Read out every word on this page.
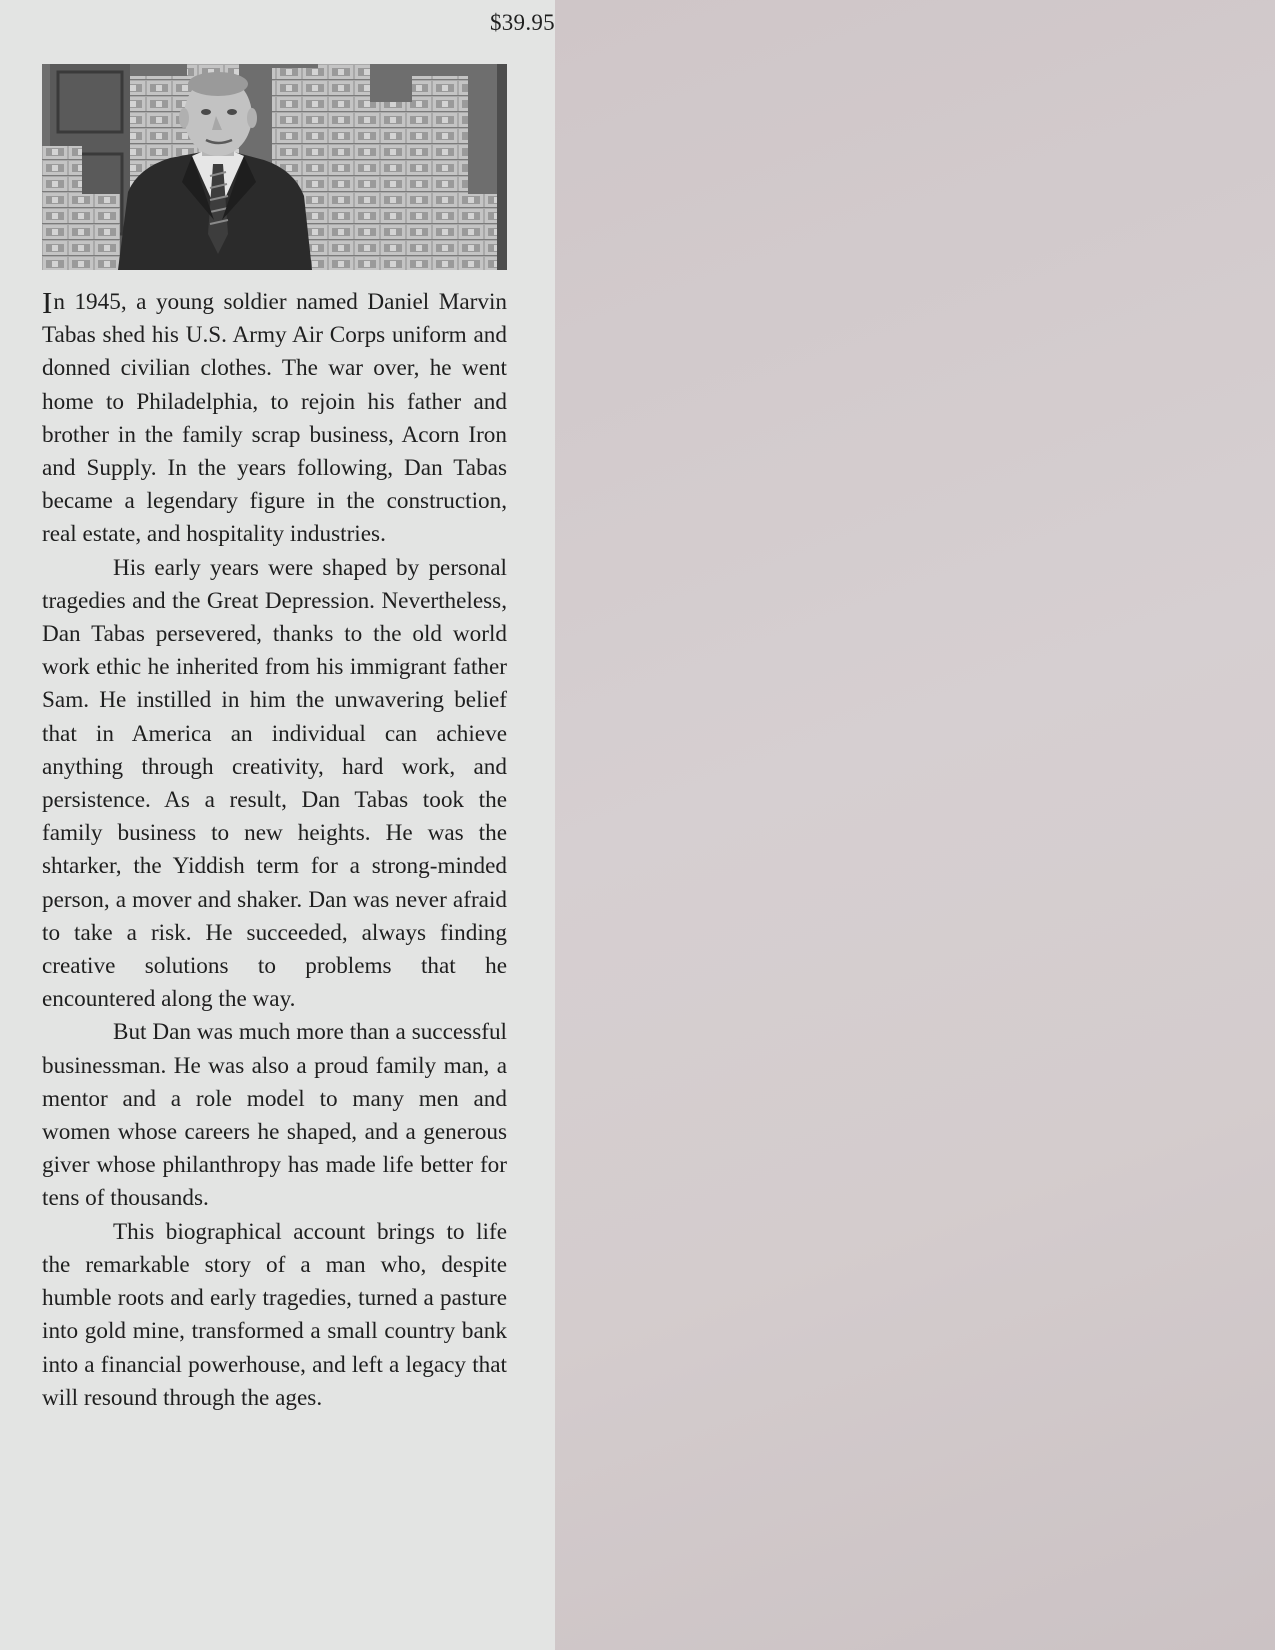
$39.95

In 1945, a young soldier named Daniel Marvin Tabas shed his U.S. Army Air Corps uniform and donned civilian clothes. The war over, he went home to Philadelphia, to rejoin his father and brother in the family scrap business, Acorn Iron and Supply. In the years following, Dan Tabas became a legendary figure in the construction, real estate, and hospitality industries.

His early years were shaped by personal tragedies and the Great Depression. Nevertheless, Dan Tabas persevered, thanks to the old world work ethic he inherited from his immigrant father Sam. He instilled in him the unwavering belief that in America an individual can achieve anything through creativity, hard work, and persistence. As a result, Dan Tabas took the family business to new heights. He was the shtarker, the Yiddish term for a strong-minded person, a mover and shaker. Dan was never afraid to take a risk. He succeeded, always finding creative solutions to problems that he encountered along the way.

But Dan was much more than a successful businessman. He was also a proud family man, a mentor and a role model to many men and women whose careers he shaped, and a generous giver whose philanthropy has made life better for tens of thousands.

This biographical account brings to life the remarkable story of a man who, despite humble roots and early tragedies, turned a pasture into gold mine, transformed a small country bank into a financial powerhouse, and left a legacy that will resound through the ages.
